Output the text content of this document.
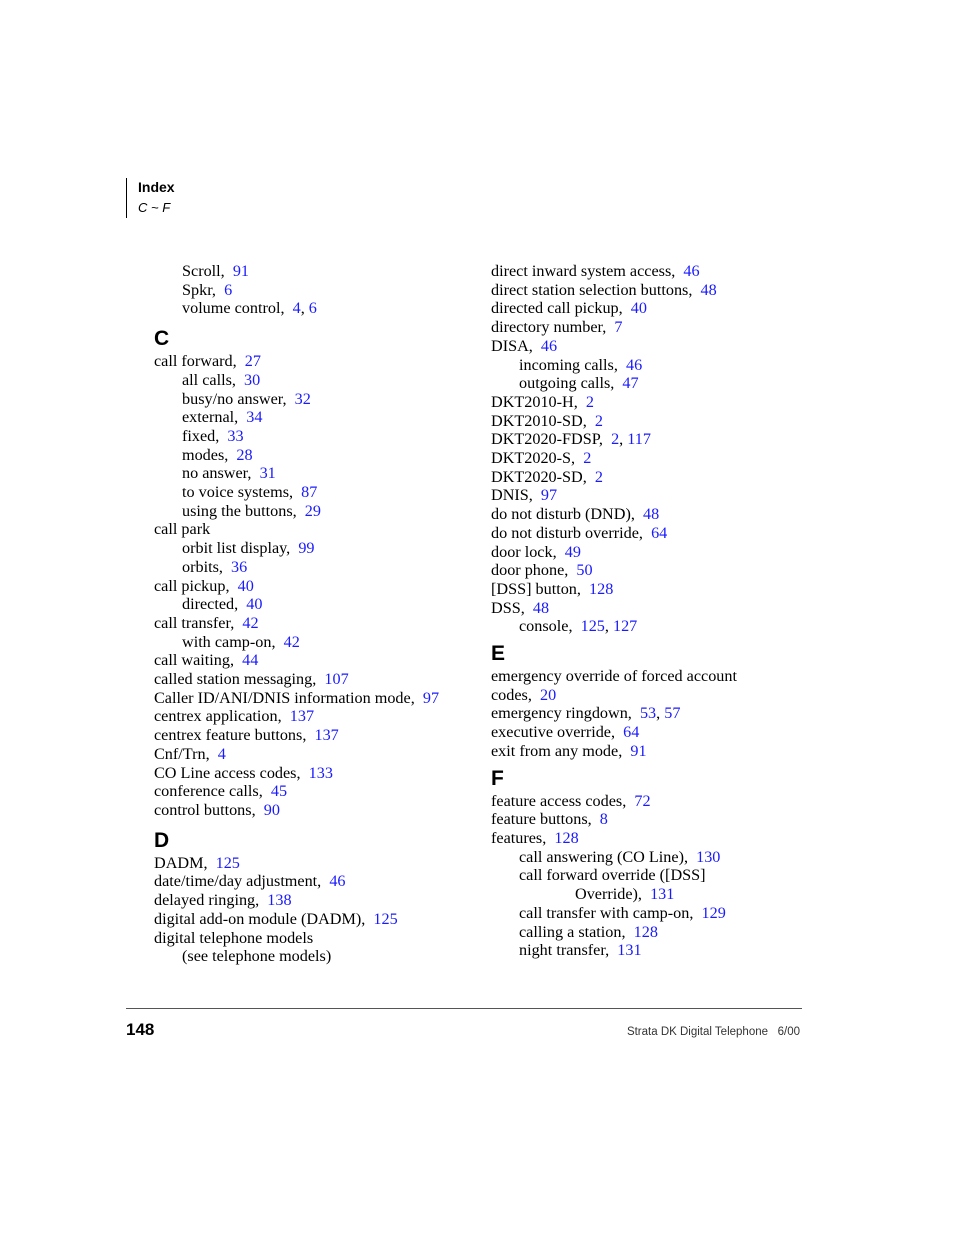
Index
C ~ F
Scroll, 91
Spkr, 6
volume control, 4, 6
C
call forward, 27
all calls, 30
busy/no answer, 32
external, 34
fixed, 33
modes, 28
no answer, 31
to voice systems, 87
using the buttons, 29
call park
orbit list display, 99
orbits, 36
call pickup, 40
directed, 40
call transfer, 42
with camp-on, 42
call waiting, 44
called station messaging, 107
Caller ID/ANI/DNIS information mode, 97
centrex application, 137
centrex feature buttons, 137
Cnf/Trn, 4
CO Line access codes, 133
conference calls, 45
control buttons, 90
D
DADM, 125
date/time/day adjustment, 46
delayed ringing, 138
digital add-on module (DADM), 125
digital telephone models
(see telephone models)
direct inward system access, 46
direct station selection buttons, 48
directed call pickup, 40
directory number, 7
DISA, 46
incoming calls, 46
outgoing calls, 47
DKT2010-H, 2
DKT2010-SD, 2
DKT2020-FDSP, 2, 117
DKT2020-S, 2
DKT2020-SD, 2
DNIS, 97
do not disturb (DND), 48
do not disturb override, 64
door lock, 49
door phone, 50
[DSS] button, 128
DSS, 48
console, 125, 127
E
emergency override of forced account
codes, 20
emergency ringdown, 53, 57
executive override, 64
exit from any mode, 91
F
feature access codes, 72
feature buttons, 8
features, 128
call answering (CO Line), 130
call forward override ([DSS]
Override), 131
call transfer with camp-on, 129
calling a station, 128
night transfer, 131
148	Strata DK Digital Telephone 6/00
